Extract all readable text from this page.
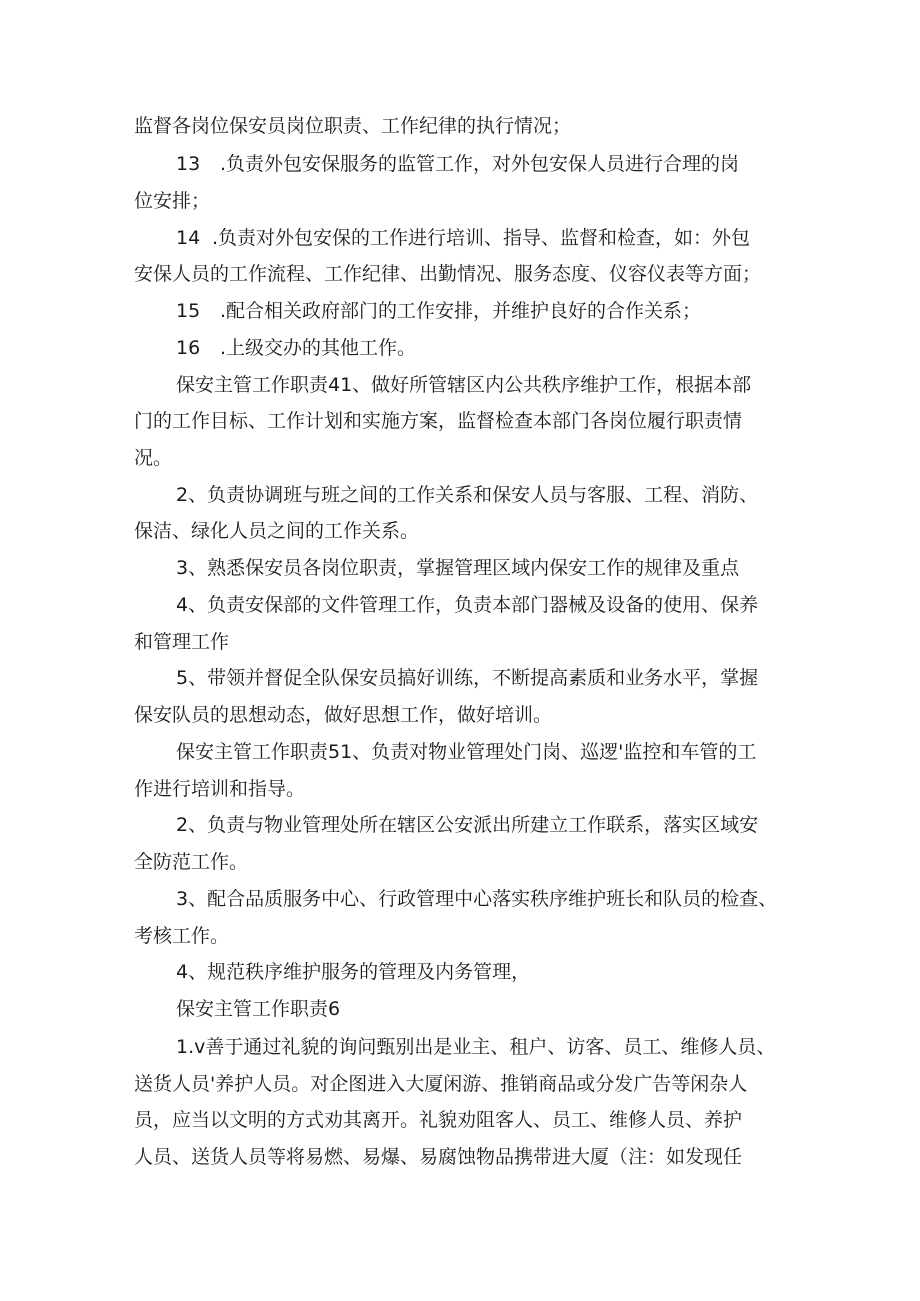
监督各岗位保安员岗位职责、工作纪律的执行情况；
13 .负责外包安保服务的监管工作，对外包安保人员进行合理的岗
位安排；
14 .负责对外包安保的工作进行培训、指导、监督和检查，如：外包
安保人员的工作流程、工作纪律、出勤情况、服务态度、仪容仪表等方面；
15 .配合相关政府部门的工作安排，并维护良好的合作关系；
16 .上级交办的其他工作。
保安主管工作职责41、做好所管辖区内公共秩序维护工作，根据本部
门的工作目标、工作计划和实施方案，监督检查本部门各岗位履行职责情
况。
2、负责协调班与班之间的工作关系和保安人员与客服、工程、消防、
保洁、绿化人员之间的工作关系。
3、熟悉保安员各岗位职责，掌握管理区域内保安工作的规律及重点
4、负责安保部的文件管理工作，负责本部门器械及设备的使用、保养
和管理工作
5、带领并督促全队保安员搞好训练，不断提高素质和业务水平，掌握
保安队员的思想动态，做好思想工作，做好培训。
保安主管工作职责51、负责对物业管理处门岗、巡逻'监控和车管的工
作进行培训和指导。
2、负责与物业管理处所在辖区公安派出所建立工作联系，落实区域安
全防范工作。
3、配合品质服务中心、行政管理中心落实秩序维护班长和队员的检查、
考核工作。
4、规范秩序维护服务的管理及内务管理，
保安主管工作职责6
1.v善于通过礼貌的询问甄别出是业主、租户、访客、员工、维修人员、
送货人员'养护人员。对企图进入大厦闲游、推销商品或分发广告等闲杂人
员，应当以文明的方式劝其离开。礼貌劝阻客人、员工、维修人员、养护
人员、送货人员等将易燃、易爆、易腐蚀物品携带进大厦（注：如发现任
